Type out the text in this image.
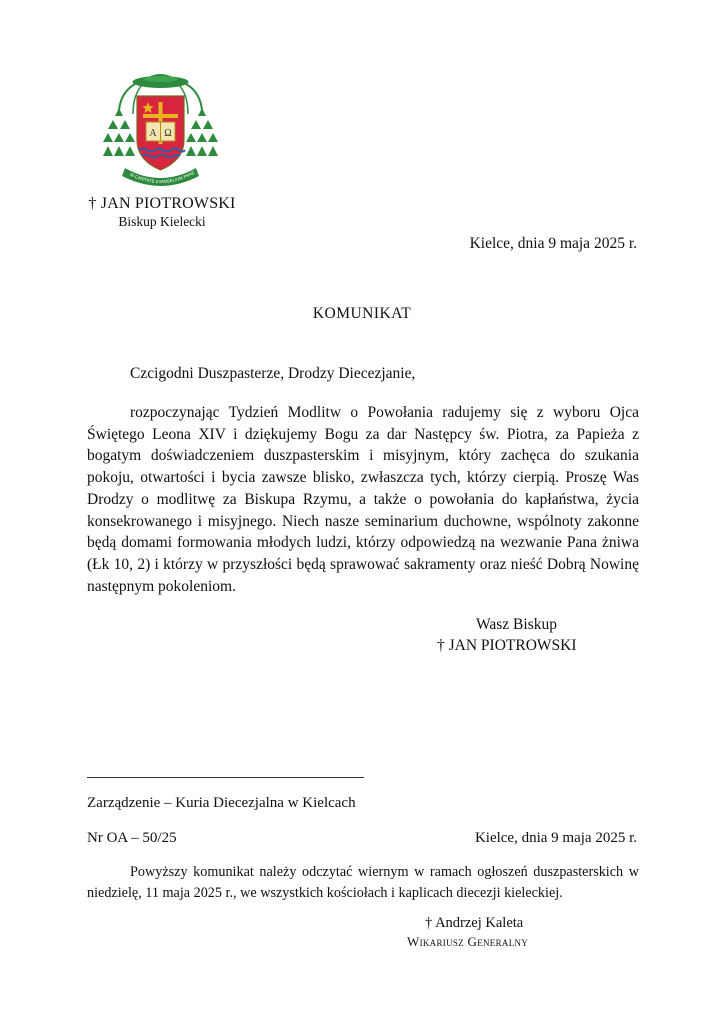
A Ω
IN CARITATE EVANGELIUM PRAE
† JAN PIOTROWSKI
Biskup Kielecki
Kielce, dnia 9 maja 2025 r.
KOMUNIKAT
Czcigodni Duszpasterze, Drodzy Diecezjanie,

rozpoczynając Tydzień Modlitw o Powołania radujemy się z wyboru Ojca Świętego Leona XIV i dziękujemy Bogu za dar Następcy św. Piotra, za Papieża z bogatym doświadczeniem duszpasterskim i misyjnym, który zachęca do szukania pokoju, otwartości i bycia zawsze blisko, zwłaszcza tych, którzy cierpią. Proszę Was Drodzy o modlitwę za Biskupa Rzymu, a także o powołania do kapłaństwa, życia konsekrowanego i misyjnego. Niech nasze seminarium duchowne, wspólnoty zakonne będą domami formowania młodych ludzi, którzy odpowiedzą na wezwanie Pana żniwa (Łk 10, 2) i którzy w przyszłości będą sprawować sakramenty oraz nieść Dobrą Nowinę następnym pokoleniom.

Wasz Biskup
† JAN PIOTROWSKI
Zarządzenie – Kuria Diecezjalna w Kielcach
Nr OA – 50/25	Kielce, dnia 9 maja 2025 r.

Powyższy komunikat należy odczytać wiernym w ramach ogłoszeń duszpasterskich w niedzielę, 11 maja 2025 r., we wszystkich kościołach i kaplicach diecezji kieleckiej.

† Andrzej Kaleta
Wikariusz Generalny
